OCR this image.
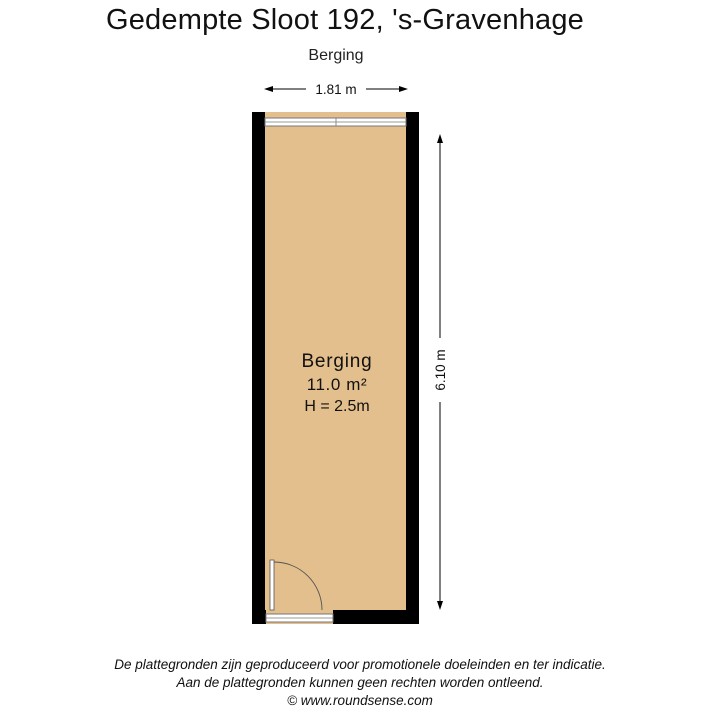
Gedempte Sloot 192, 's-Gravenhage
Berging
1.81 m
6.10 m
Berging
11.0 m²
H = 2.5m
De plattegronden zijn geproduceerd voor promotionele doeleinden en ter indicatie.
Aan de plattegronden kunnen geen rechten worden ontleend.
© www.roundsense.com
